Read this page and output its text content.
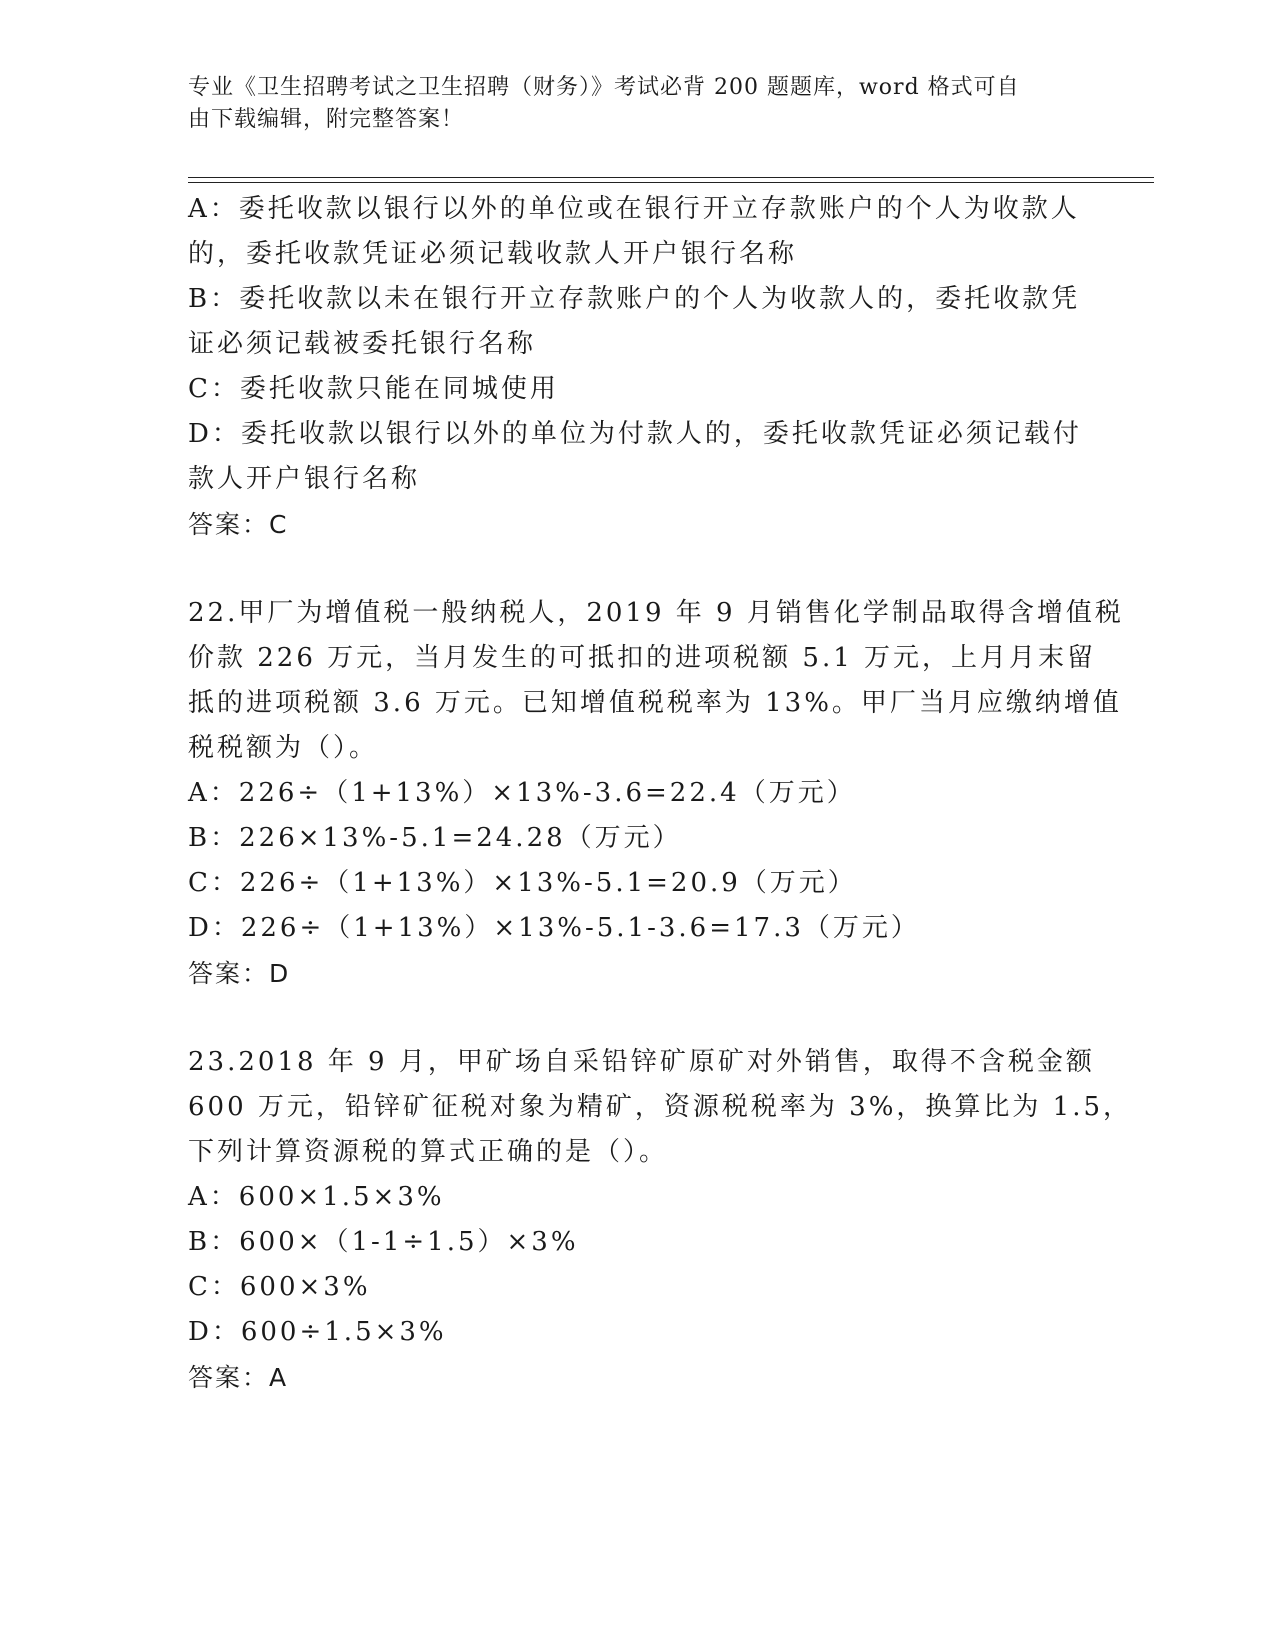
专业《卫生招聘考试之卫生招聘（财务）》考试必背 200 题题库，word 格式可自
由下载编辑，附完整答案！
A：委托收款以银行以外的单位或在银行开立存款账户的个人为收款人
的，委托收款凭证必须记载收款人开户银行名称
B：委托收款以未在银行开立存款账户的个人为收款人的，委托收款凭
证必须记载被委托银行名称
C：委托收款只能在同城使用
D：委托收款以银行以外的单位为付款人的，委托收款凭证必须记载付
款人开户银行名称
答案：C
22.甲厂为增值税一般纳税人，2019 年 9 月销售化学制品取得含增值税
价款 226 万元，当月发生的可抵扣的进项税额 5.1 万元，上月月末留
抵的进项税额 3.6 万元。已知增值税税率为 13%。甲厂当月应缴纳增值
税税额为（）。
A：226÷（1+13%）×13%-3.6=22.4（万元）
B：226×13%-5.1=24.28（万元）
C：226÷（1+13%）×13%-5.1=20.9（万元）
D：226÷（1+13%）×13%-5.1-3.6=17.3（万元）
答案：D
23.2018 年 9 月，甲矿场自采铅锌矿原矿对外销售，取得不含税金额
600 万元，铅锌矿征税对象为精矿，资源税税率为 3%，换算比为 1.5，
下列计算资源税的算式正确的是（）。
A：600×1.5×3%
B：600×（1-1÷1.5）×3%
C：600×3%
D：600÷1.5×3%
答案：A
